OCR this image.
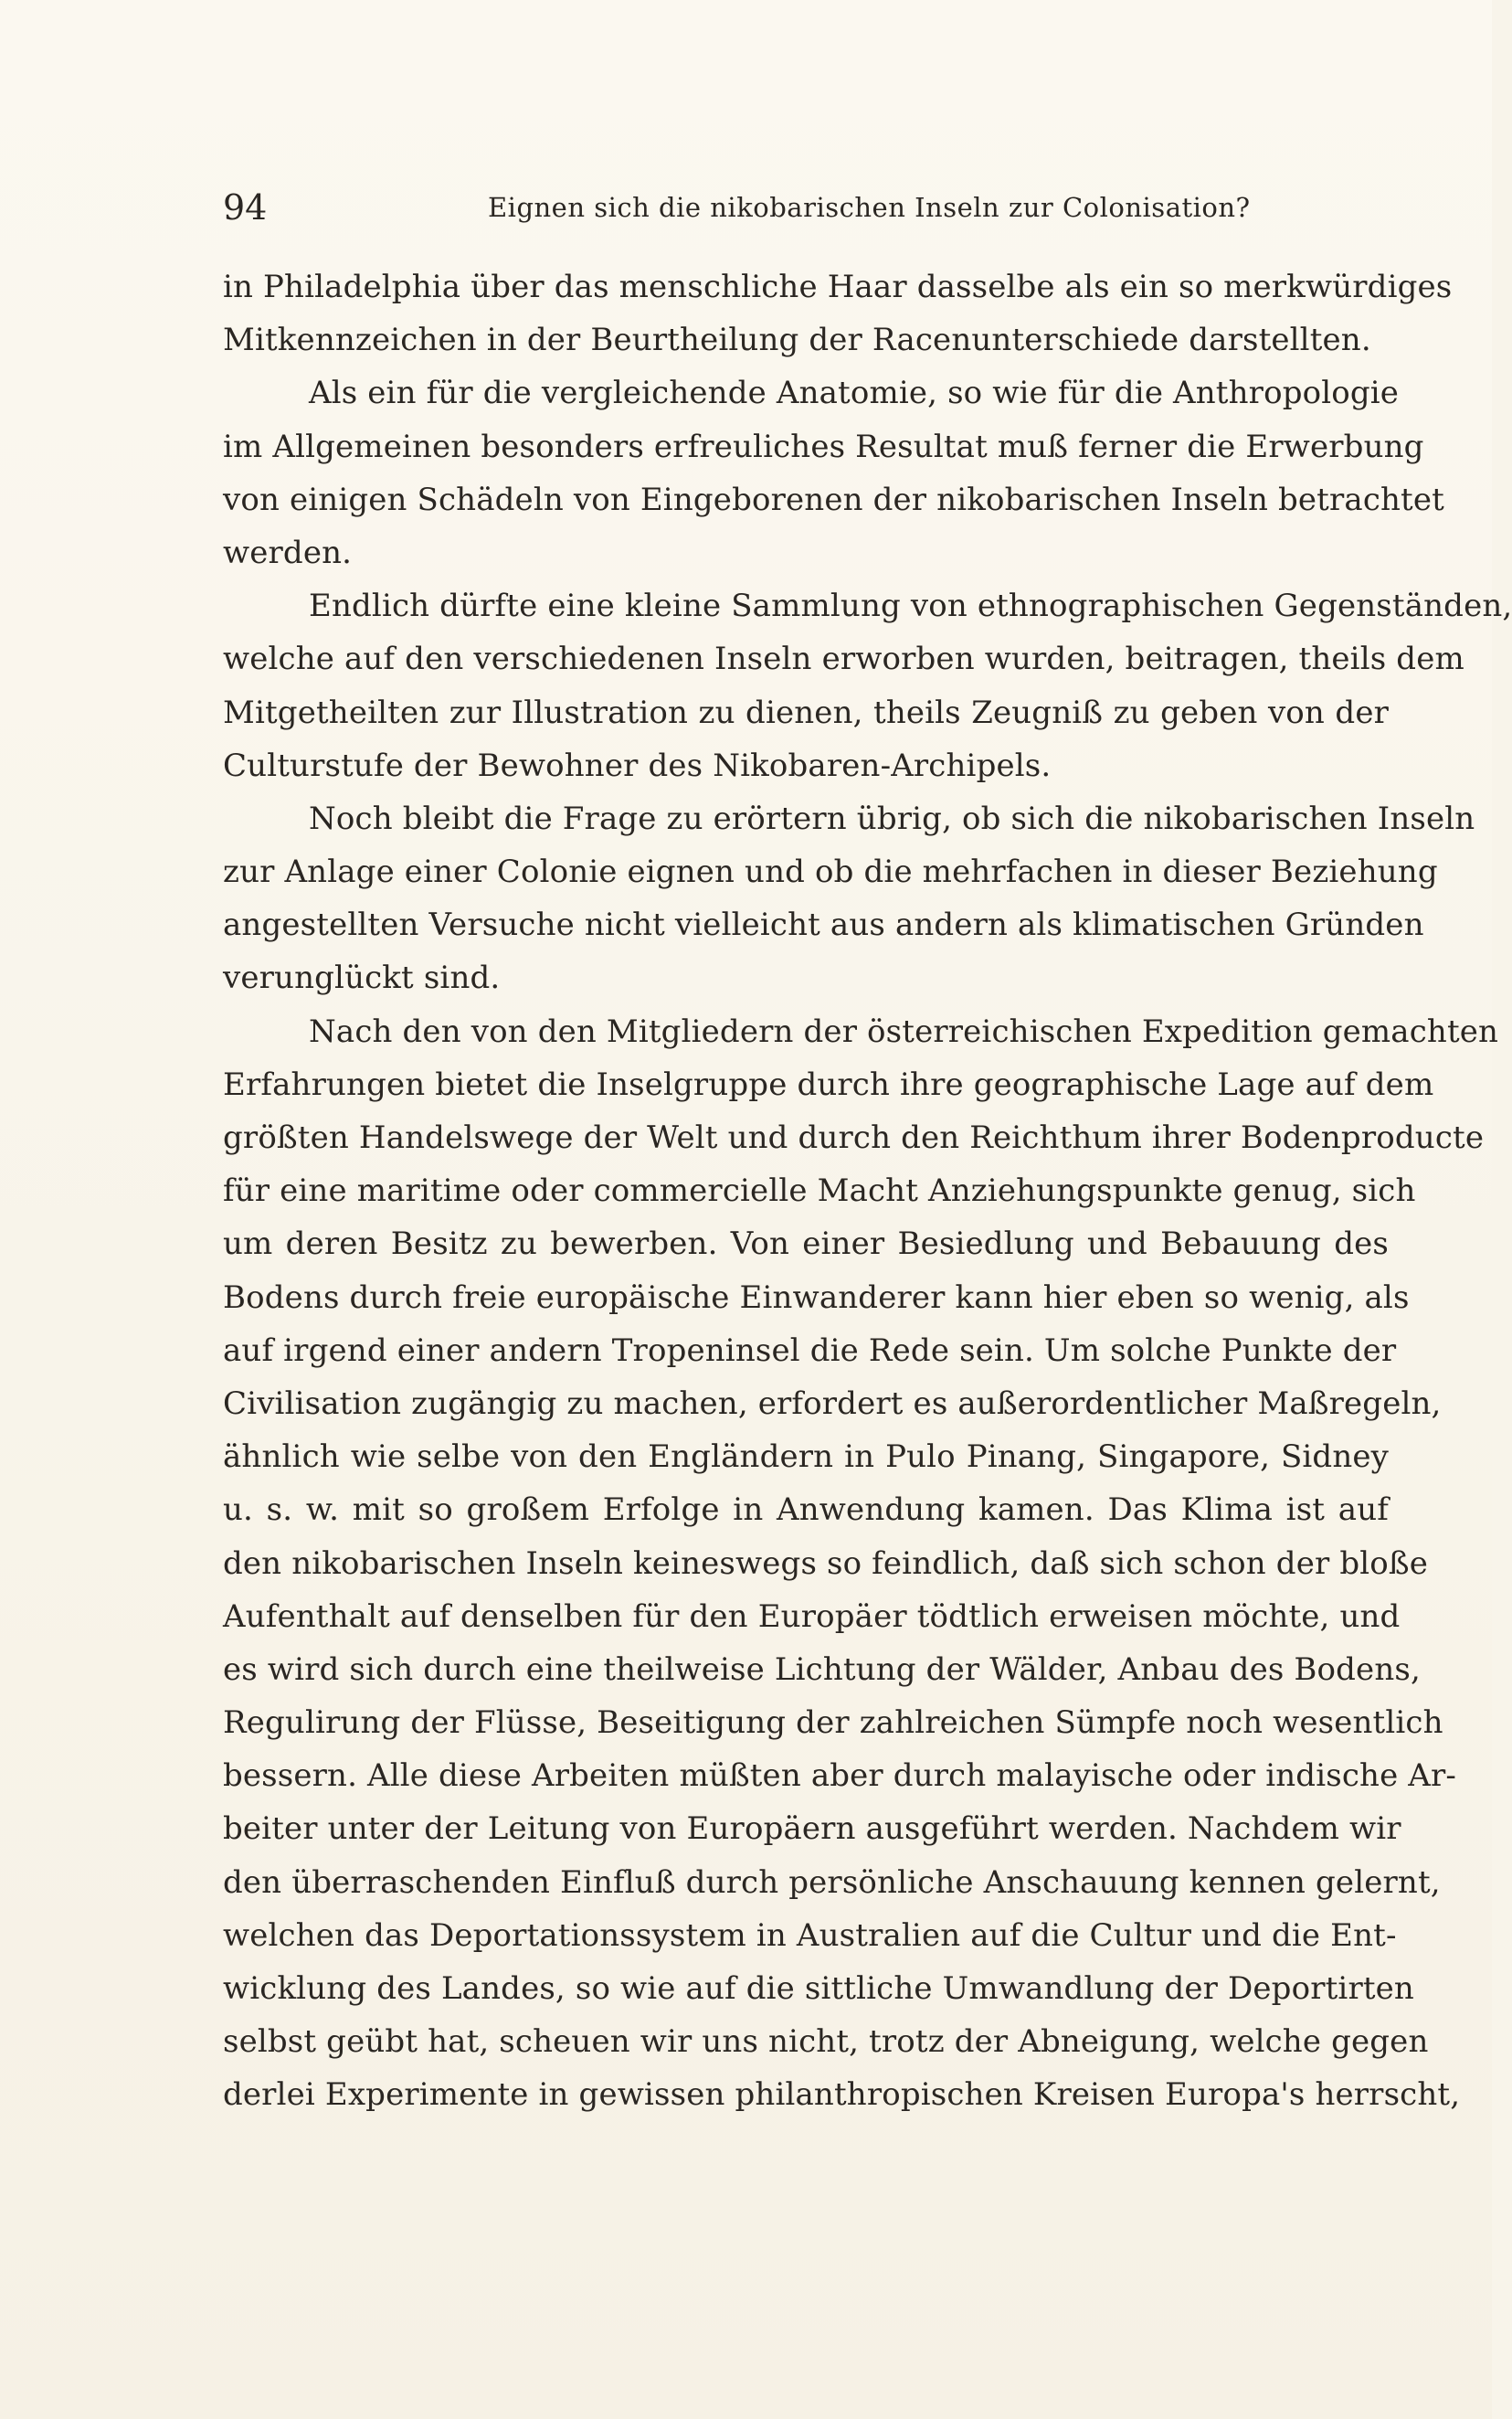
94	Eignen sich die nikobarischen Inseln zur Colonisation?
in Philadelphia über das menschliche Haar dasselbe als ein so merkwürdiges
Mitkennzeichen in der Beurtheilung der Racenunterschiede darstellten.
Als ein für die vergleichende Anatomie, so wie für die Anthropologie
im Allgemeinen besonders erfreuliches Resultat muß ferner die Erwerbung
von einigen Schädeln von Eingeborenen der nikobarischen Inseln betrachtet
werden.
Endlich dürfte eine kleine Sammlung von ethnographischen Gegenständen,
welche auf den verschiedenen Inseln erworben wurden, beitragen, theils dem
Mitgetheilten zur Illustration zu dienen, theils Zeugniß zu geben von der
Culturstufe der Bewohner des Nikobaren-Archipels.
Noch bleibt die Frage zu erörtern übrig, ob sich die nikobarischen Inseln
zur Anlage einer Colonie eignen und ob die mehrfachen in dieser Beziehung
angestellten Versuche nicht vielleicht aus andern als klimatischen Gründen
verunglückt sind.
Nach den von den Mitgliedern der österreichischen Expedition gemachten
Erfahrungen bietet die Inselgruppe durch ihre geographische Lage auf dem
größten Handelswege der Welt und durch den Reichthum ihrer Bodenproducte
für eine maritime oder commercielle Macht Anziehungspunkte genug, sich
um deren Besitz zu bewerben. Von einer Besiedlung und Bebauung des
Bodens durch freie europäische Einwanderer kann hier eben so wenig, als
auf irgend einer andern Tropeninsel die Rede sein. Um solche Punkte der
Civilisation zugängig zu machen, erfordert es außerordentlicher Maßregeln,
ähnlich wie selbe von den Engländern in Pulo Pinang, Singapore, Sidney
u. s. w. mit so großem Erfolge in Anwendung kamen. Das Klima ist auf
den nikobarischen Inseln keineswegs so feindlich, daß sich schon der bloße
Aufenthalt auf denselben für den Europäer tödtlich erweisen möchte, und
es wird sich durch eine theilweise Lichtung der Wälder, Anbau des Bodens,
Regulirung der Flüsse, Beseitigung der zahlreichen Sümpfe noch wesentlich
bessern. Alle diese Arbeiten müßten aber durch malayische oder indische Ar-
beiter unter der Leitung von Europäern ausgeführt werden. Nachdem wir
den überraschenden Einfluß durch persönliche Anschauung kennen gelernt,
welchen das Deportationssystem in Australien auf die Cultur und die Ent-
wicklung des Landes, so wie auf die sittliche Umwandlung der Deportirten
selbst geübt hat, scheuen wir uns nicht, trotz der Abneigung, welche gegen
derlei Experimente in gewissen philanthropischen Kreisen Europa's herrscht,
